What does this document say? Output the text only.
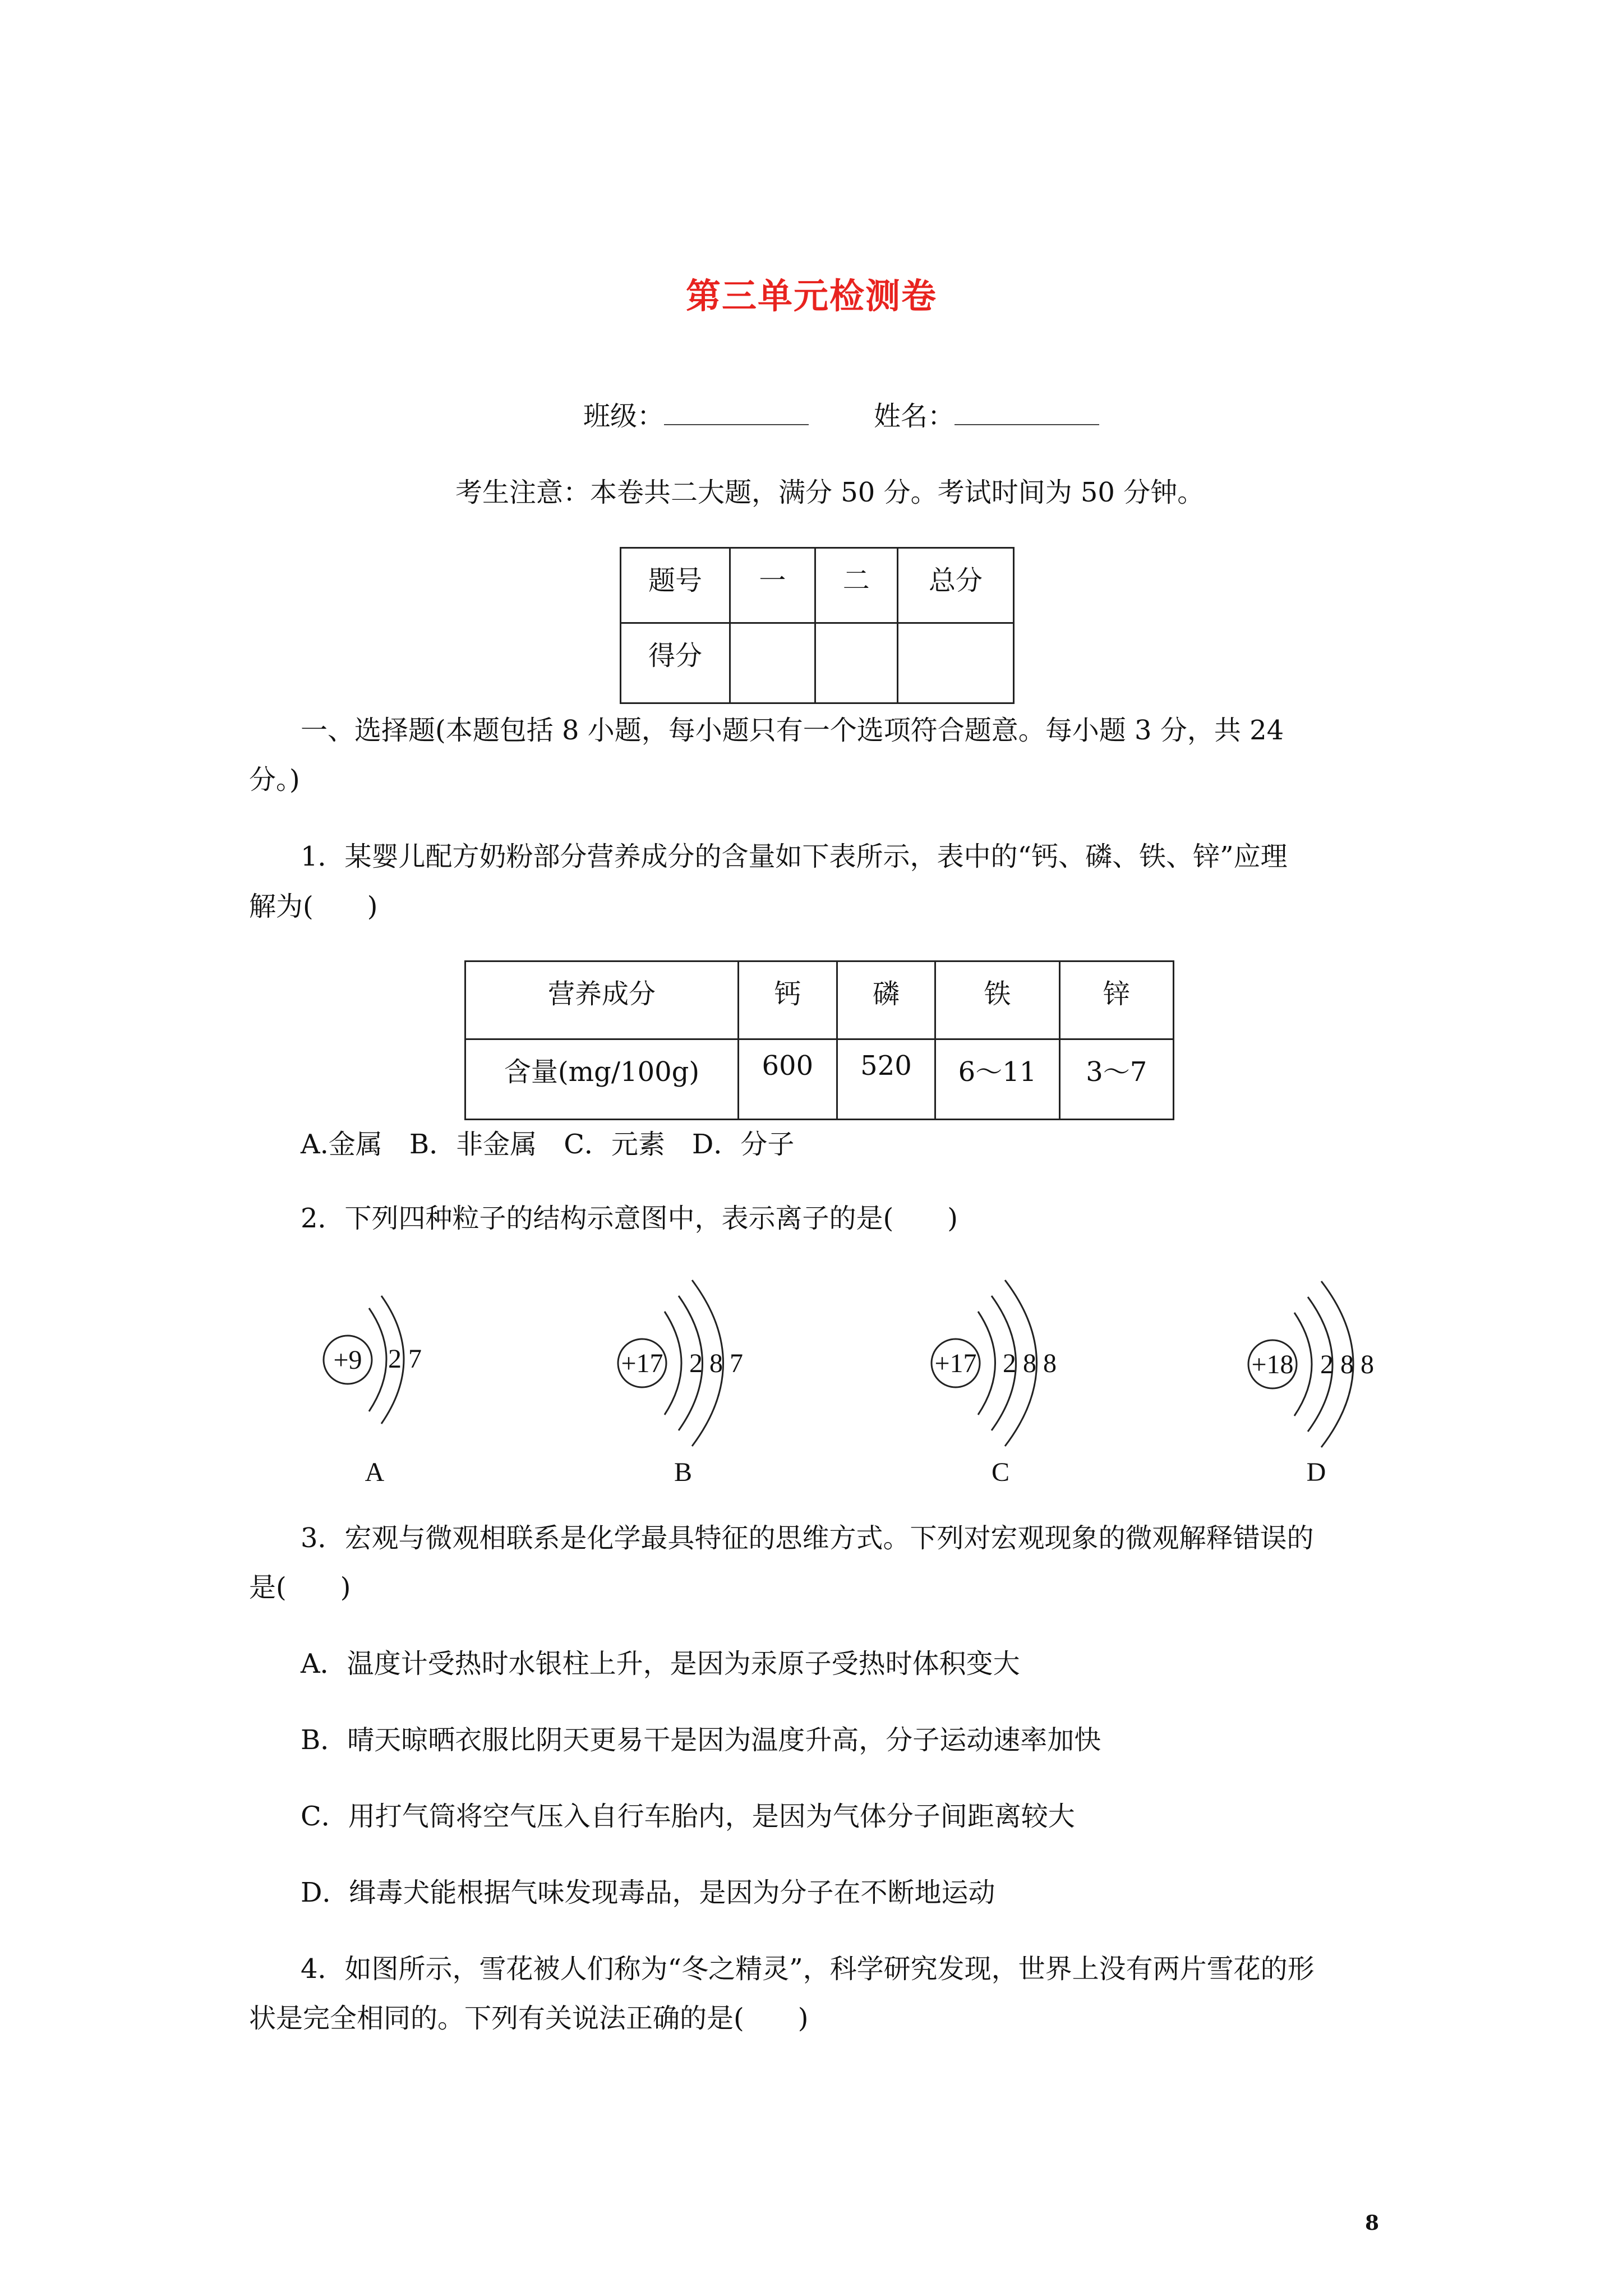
第三单元检测卷
班级：	姓名：
考生注意：本卷共二大题，满分 50 分。考试时间为 50 分钟。
题号	一	二	总分
得分			
一、选择题(本题包括 8 小题，每小题只有一个选项符合题意。每小题 3 分，共 24
分。)
1．某婴儿配方奶粉部分营养成分的含量如下表所示，表中的“钙、磷、铁、锌”应理
解为(　　)
营养成分	钙	磷	铁	锌
含量(mg/100g)	600	520	6～11	3～7
A.金属　B．非金属　C．元素　D．分子
2．下列四种粒子的结构示意图中，表示离子的是(　　)
+9 2 7	+17 2 8 7	+17 2 8 8	+18 2 8 8
A	B	C	D
3．宏观与微观相联系是化学最具特征的思维方式。下列对宏观现象的微观解释错误的
是(　　)
A．温度计受热时水银柱上升，是因为汞原子受热时体积变大
B．晴天晾晒衣服比阴天更易干是因为温度升高，分子运动速率加快
C．用打气筒将空气压入自行车胎内，是因为气体分子间距离较大
D．缉毒犬能根据气味发现毒品，是因为分子在不断地运动
4．如图所示，雪花被人们称为“冬之精灵”，科学研究发现，世界上没有两片雪花的形
状是完全相同的。下列有关说法正确的是(　　)
8
